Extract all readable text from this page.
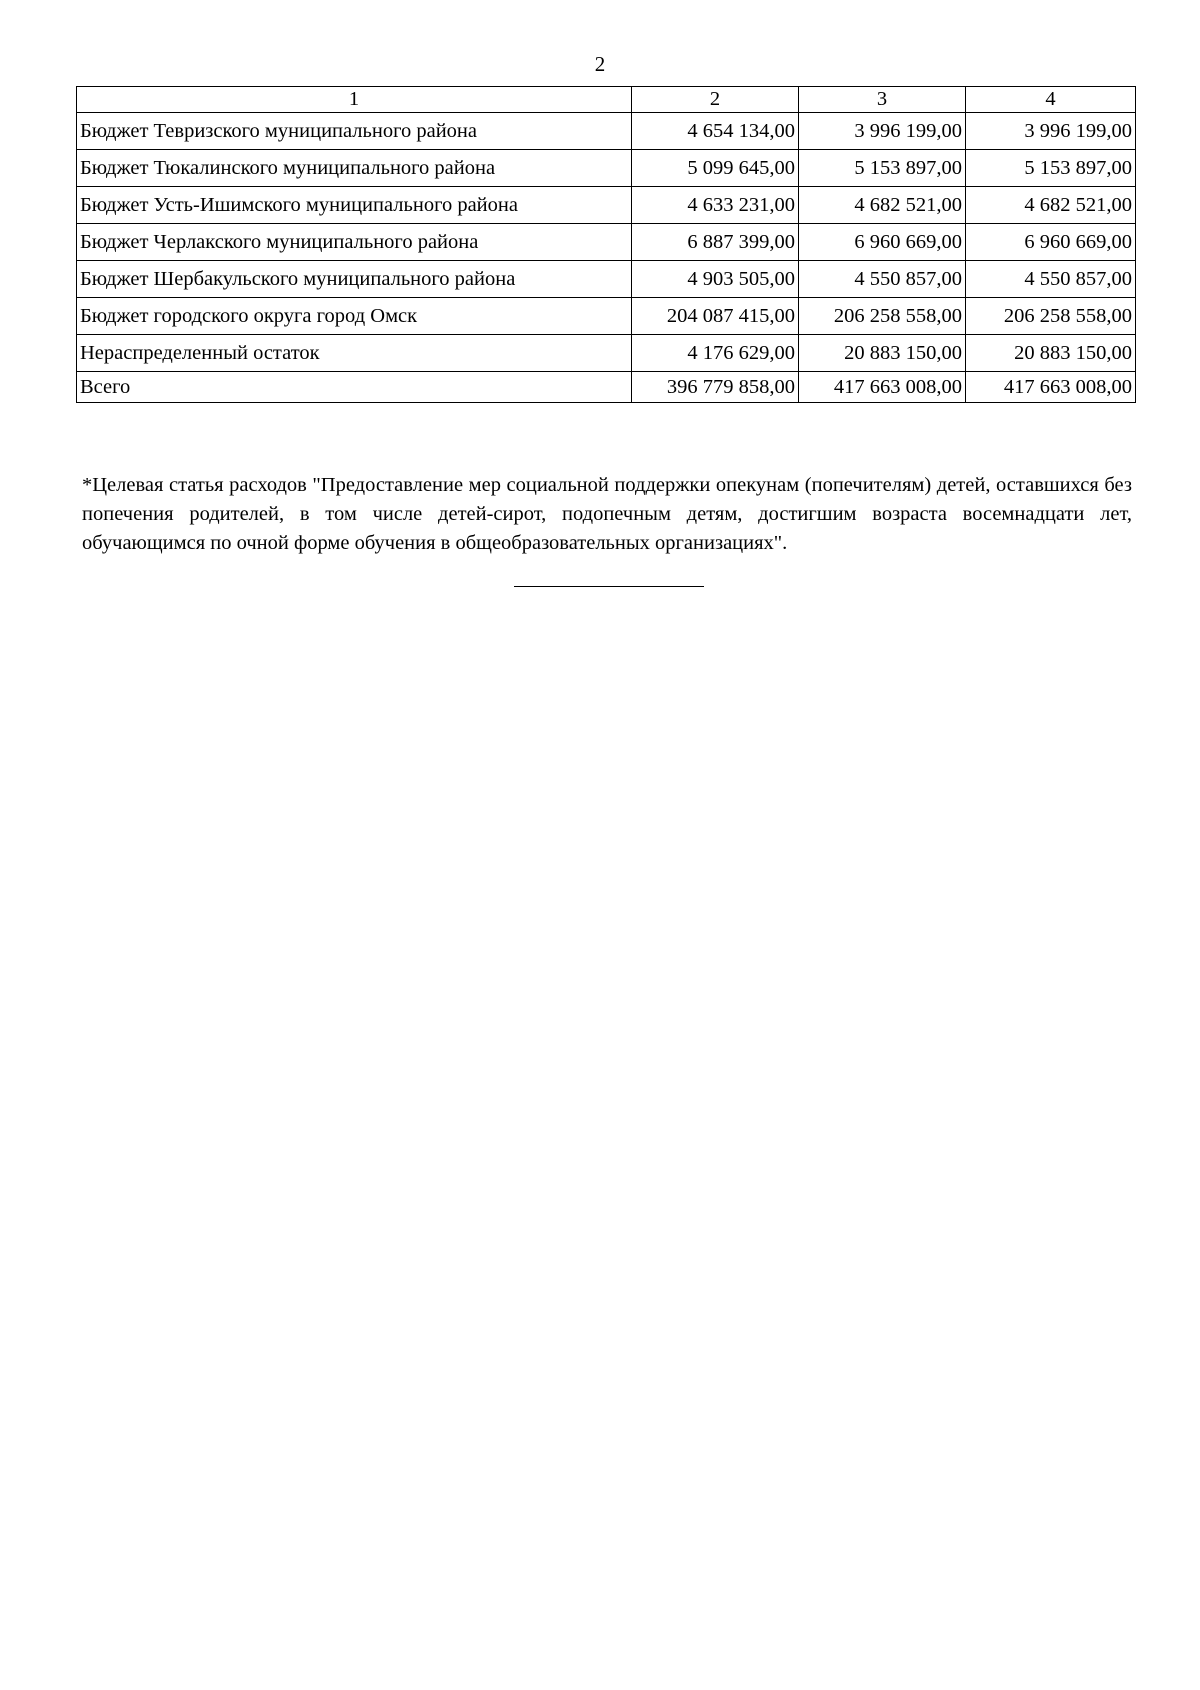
2
1	2	3	4
Бюджет Тевризского муниципального района	4 654 134,00	3 996 199,00	3 996 199,00
Бюджет Тюкалинского муниципального района	5 099 645,00	5 153 897,00	5 153 897,00
Бюджет Усть-Ишимского муниципального района	4 633 231,00	4 682 521,00	4 682 521,00
Бюджет Черлакского муниципального района	6 887 399,00	6 960 669,00	6 960 669,00
Бюджет Шербакульского муниципального района	4 903 505,00	4 550 857,00	4 550 857,00
Бюджет городского округа город Омск	204 087 415,00	206 258 558,00	206 258 558,00
Нераспределенный остаток	4 176 629,00	20 883 150,00	20 883 150,00
Всего	396 779 858,00	417 663 008,00	417 663 008,00

*Целевая статья расходов "Предоставление мер социальной поддержки опекунам (попечителям) детей, оставшихся без попечения родителей, в том числе детей-сирот, подопечным детям, достигшим возраста восемнадцати лет, обучающимся по очной форме обучения в общеобразовательных организациях".
